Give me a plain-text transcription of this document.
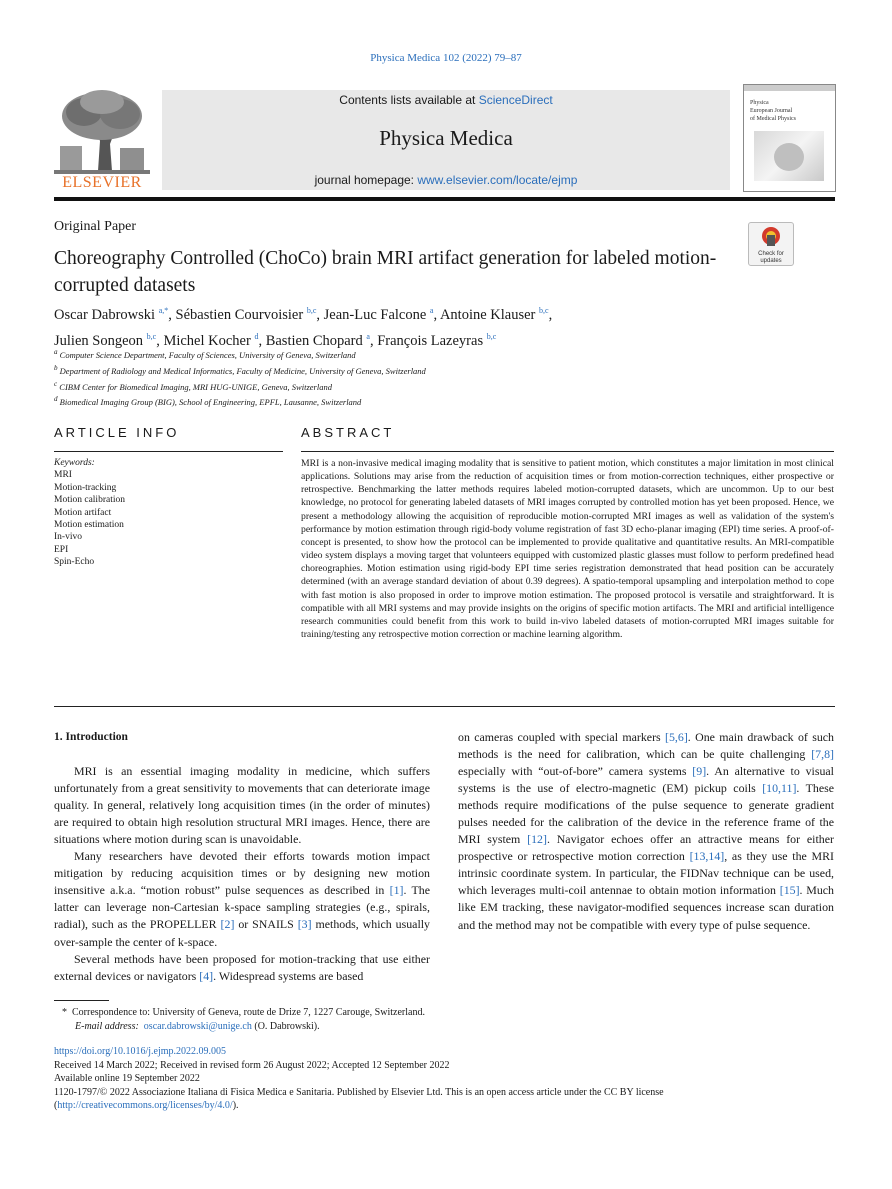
Physica Medica 102 (2022) 79–87
ELSEVIER
Contents lists available at ScienceDirect
Physica Medica
journal homepage: www.elsevier.com/locate/ejmp
Physica
European Journal
of Medical Physics
Original Paper
Check for
updates
Choreography Controlled (ChoCo) brain MRI artifact generation for labeled motion-corrupted datasets
Oscar Dabrowski $^{a,*}$, Sébastien Courvoisier $^{b,c}$, Jean-Luc Falcone $^a$, Antoine Klauser $^{b,c}$,
Julien Songeon $^{b,c}$, Michel Kocher $^d$, Bastien Chopard $^a$, François Lazeyras $^{b,c}$
$^a$ Computer Science Department, Faculty of Sciences, University of Geneva, Switzerland
$^b$ Department of Radiology and Medical Informatics, Faculty of Medicine, University of Geneva, Switzerland
$^c$ CIBM Center for Biomedical Imaging, MRI HUG-UNIGE, Geneva, Switzerland
$^d$ Biomedical Imaging Group (BIG), School of Engineering, EPFL, Lausanne, Switzerland
ARTICLE INFO
Keywords:
MRI
Motion-tracking
Motion calibration
Motion artifact
Motion estimation
In-vivo
EPI
Spin-Echo
ABSTRACT
MRI is a non-invasive medical imaging modality that is sensitive to patient motion, which constitutes a major limitation in most clinical applications. Solutions may arise from the reduction of acquisition times or from motion-correction techniques, either prospective or retrospective. Benchmarking the latter methods requires labeled motion-corrupted datasets, which are uncommon. Up to our best knowledge, no protocol for generating labeled datasets of MRI images corrupted by controlled motion has yet been proposed. Hence, we present a methodology allowing the acquisition of reproducible motion-corrupted MRI images as well as validation of the system's performance by motion estimation through rigid-body volume registration of fast 3D echo-planar imaging (EPI) time series. A proof-of-concept is presented, to show how the protocol can be implemented to provide qualitative and quantitative results. An MRI-compatible video system displays a moving target that volunteers equipped with customized plastic glasses must follow to perform predefined head choreographies. Motion estimation using rigid-body EPI time series registration demonstrated that head position can be accurately determined (with an average standard deviation of about 0.39 degrees). A spatio-temporal upsampling and interpolation method to cope with fast motion is also proposed in order to improve motion estimation. The proposed protocol is versatile and straightforward. It is compatible with all MRI systems and may provide insights on the origins of specific motion artifacts. The MRI and artificial intelligence research communities could benefit from this work to build in-vivo labeled datasets of motion-corrupted MRI images suitable for training/testing any retrospective motion correction or machine learning algorithm.

1. Introduction

MRI is an essential imaging modality in medicine, which suffers unfortunately from a great sensitivity to movements that can deteriorate image quality. In general, relatively long acquisition times (in the order of minutes) are required to obtain high resolution structural MRI images. Hence, there are situations where motion during scan is unavoidable.

Many researchers have devoted their efforts towards motion impact mitigation by reducing acquisition times or by designing new motion insensitive a.k.a. “motion robust” pulse sequences as described in [1]. The latter can leverage non-Cartesian k-space sampling strategies (e.g., spirals, radial), such as the PROPELLER [2] or SNAILS [3] methods, which usually over-sample the center of k-space.

Several methods have been proposed for motion-tracking that use either external devices or navigators [4]. Widespread systems are based

on cameras coupled with special markers [5,6]. One main drawback of such methods is the need for calibration, which can be quite challenging [7,8] especially with “out-of-bore” camera systems [9]. An alternative to visual systems is the use of electro-magnetic (EM) pickup coils [10,11]. These methods require modifications of the pulse sequence to generate gradient pulses needed for the calibration of the device in the reference frame of the MRI system [12]. Navigator echoes offer an attractive means for either prospective or retrospective motion correction [13,14], as they use the MRI intrinsic coordinate system. In particular, the FIDNav technique can be used, which leverages multi-coil antennae to obtain motion information [15]. Much like EM tracking, these navigator-modified sequences increase scan duration and the method may not be compatible with every type of pulse sequence.

* Correspondence to: University of Geneva, route de Drize 7, 1227 Carouge, Switzerland.
E-mail address: oscar.dabrowski@unige.ch (O. Dabrowski).
https://doi.org/10.1016/j.ejmp.2022.09.005
Received 14 March 2022; Received in revised form 26 August 2022; Accepted 12 September 2022
Available online 19 September 2022
1120-1797/© 2022 Associazione Italiana di Fisica Medica e Sanitaria. Published by Elsevier Ltd. This is an open access article under the CC BY license
(http://creativecommons.org/licenses/by/4.0/).
